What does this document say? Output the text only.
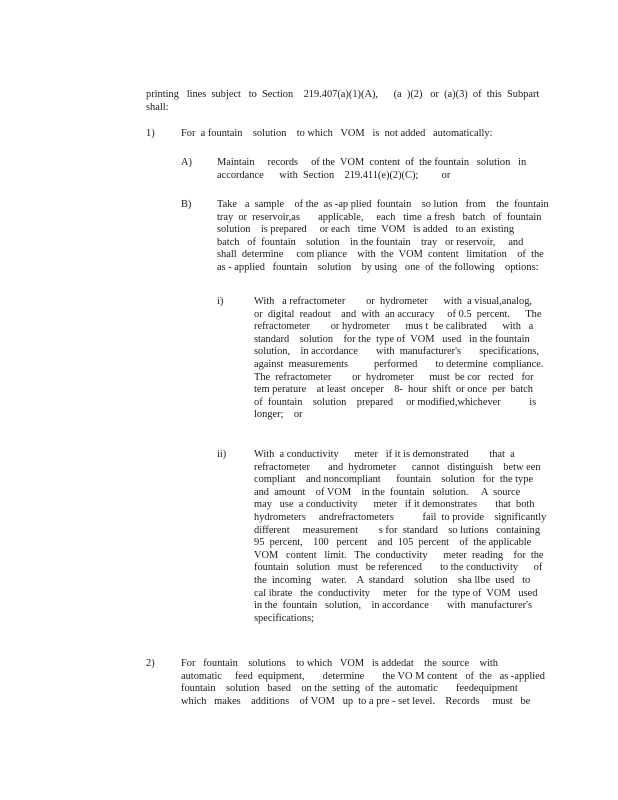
printing   lines  subject   to  Section    219.407(a)(1)(A),      (a  )(2)   or  (a)(3)  of  this  Subpart
shall:
1)	For  a fountain    solution    to which   VOM   is  not added   automatically:
A) Maintain     records     of the  VOM  content  of  the fountain   solution   in
accordance      with  Section    219.411(e)(2)(C);         or
B) Take   a  sample    of the  as -ap plied  fountain    so lution   from    the  fountain
tray  or  reservoir,as       applicable,     each   time  a fresh   batch   of  fountain
solution    is prepared     or each   time  VOM   is added   to an  existing
batch   of  fountain    solution    in the fountain    tray   or reservoir,     and
shall  determine     com pliance    with  the  VOM  content   limitation    of  the
as - applied   fountain    solution    by using   one  of  the following    options:
i)	With   a refractometer        or  hydrometer      with  a visual,analog,
or  digital  readout    and  with  an accuracy     of 0.5  percent.      The
refractometer        or hydrometer      mus t  be calibrated      with   a
standard    solution    for the  type of  VOM   used   in the fountain
solution,    in accordance       with  manufacturer's       specifications,
against  measurements          performed       to determine  compliance.
The  refractometer        or  hydrometer      must  be cor   rected   for
tem perature    at least  onceper    8-  hour  shift  or once  per  batch
of  fountain    solution    prepared     or modified,whichever           is
longer;    or
ii)	With  a conductivity      meter   if it is demonstrated        that  a
refractometer       and  hydrometer      cannot   distinguish    betw een
compliant    and noncompliant      fountain    solution   for  the type
and  amount    of VOM    in the  fountain   solution.     A  source
may   use  a conductivity      meter   if it demonstrates       that  both
hydrometers     andrefractometers           fail  to provide    significantly
different     measurement        s for  standard    so lutions   containing
95  percent,    100   percent    and  105  percent    of  the applicable
VOM   content   limit.   The  conductivity      meter  reading    for  the
fountain   solution   must   be referenced       to the conductivity      of
the  incoming    water.    A  standard    solution    sha llbe  used   to
cal ibrate   the  conductivity     meter    for  the  type of  VOM   used
in the  fountain   solution,    in accordance       with  manufacturer's
specifications;
2)	For   fountain    solutions    to which   VOM   is addedat    the  source    with
automatic     feed  equipment,       determine       the VO M content   of  the   as -applied
fountain    solution   based    on the  setting  of  the  automatic       feedequipment
which   makes    additions    of VOM   up  to a pre - set level.    Records     must   be
